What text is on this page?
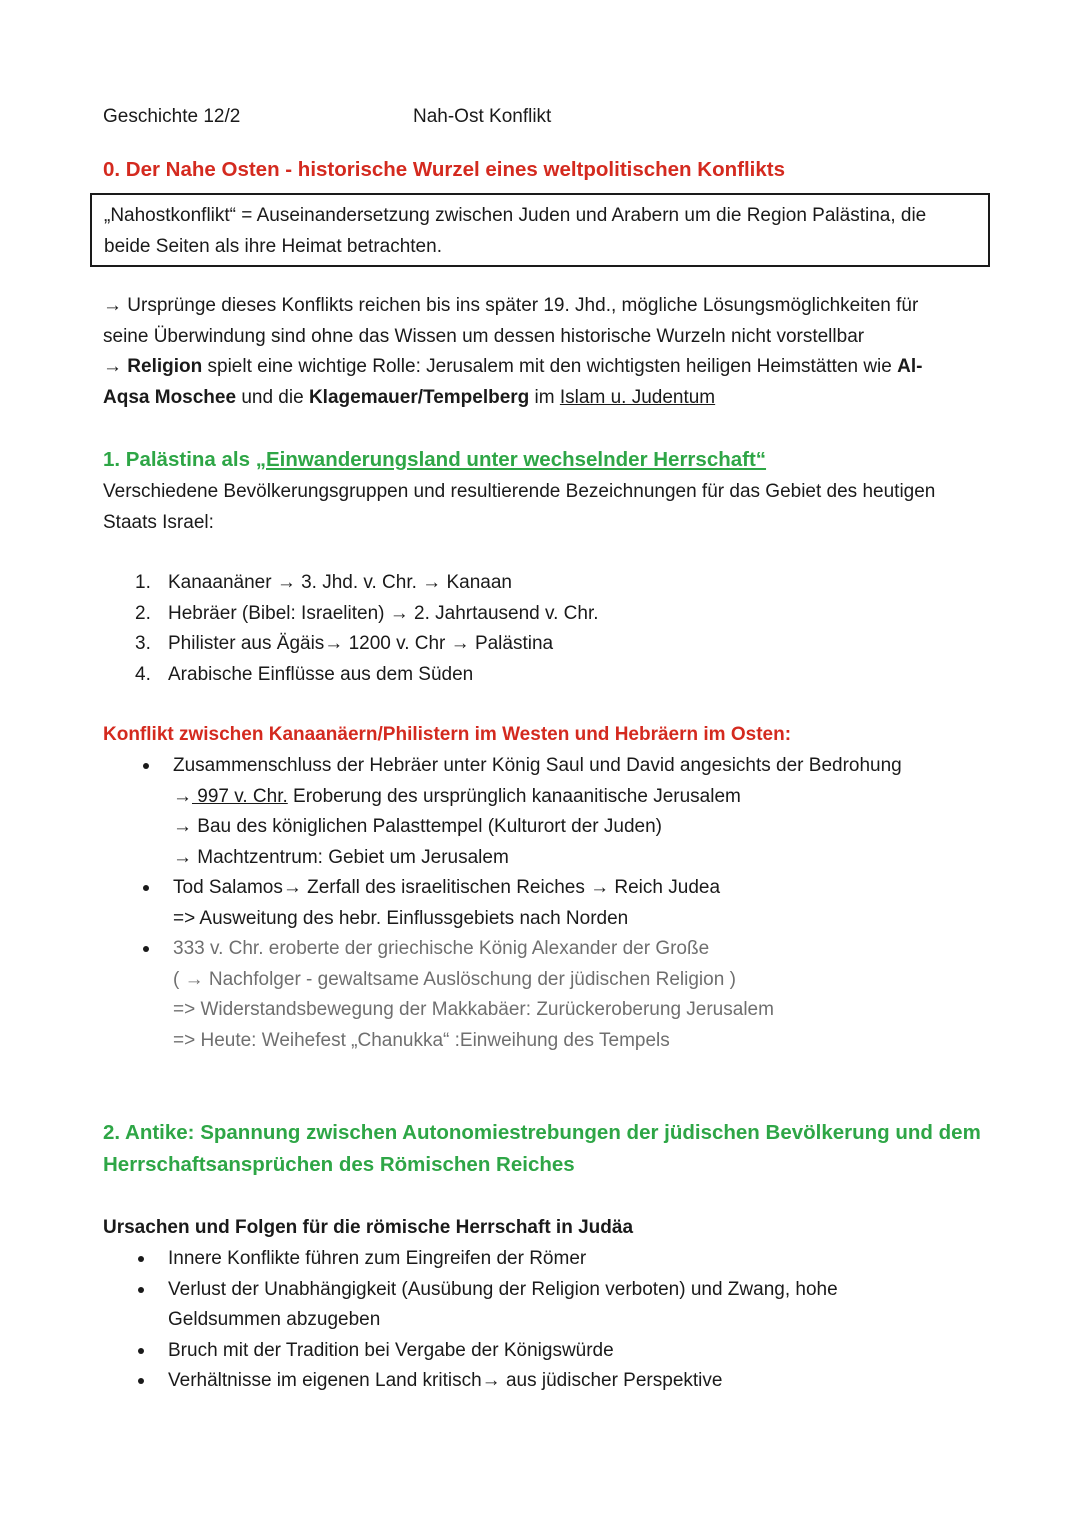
Geschichte 12/2	Nah-Ost Konflikt
0. Der Nahe Osten - historische Wurzel eines weltpolitischen Konflikts
„Nahostkonflikt“ = Auseinandersetzung zwischen Juden und Arabern um die Region Palästina, die
beide Seiten als ihre Heimat betrachten.
→ Ursprünge dieses Konflikts reichen bis ins später 19. Jhd., mögliche Lösungsmöglichkeiten für
seine Überwindung sind ohne das Wissen um dessen historische Wurzeln nicht vorstellbar
→ Religion spielt eine wichtige Rolle: Jerusalem mit den wichtigsten heiligen Heimstätten wie Al-
Aqsa Moschee und die Klagemauer/Tempelberg im Islam u. Judentum
1. Palästina als „Einwanderungsland unter wechselnder Herrschaft“
Verschiedene Bevölkerungsgruppen und resultierende Bezeichnungen für das Gebiet des heutigen
Staats Israel:
1. Kanaanäner → 3. Jhd. v. Chr. → Kanaan
2. Hebräer (Bibel: Israeliten) → 2. Jahrtausend v. Chr.
3. Philister aus Ägäis→ 1200 v. Chr → Palästina
4. Arabische Einflüsse aus dem Süden
Konflikt zwischen Kanaanäern/Philistern im Westen und Hebräern im Osten:
Zusammenschluss der Hebräer unter König Saul und David angesichts der Bedrohung
→ 997 v. Chr. Eroberung des ursprünglich kanaanitische Jerusalem
→ Bau des königlichen Palasttempel (Kulturort der Juden)
→ Machtzentrum: Gebiet um Jerusalem
Tod Salamos→ Zerfall des israelitischen Reiches → Reich Judea
=> Ausweitung des hebr. Einflussgebiets nach Norden
333 v. Chr. eroberte der griechische König Alexander der Große
( → Nachfolger - gewaltsame Auslöschung der jüdischen Religion )
=> Widerstandsbewegung der Makkabäer: Zurückeroberung Jerusalem
=> Heute: Weihefest „Chanukka“ :Einweihung des Tempels
2. Antike: Spannung zwischen Autonomiestrebungen der jüdischen Bevölkerung und dem
Herrschaftsansprüchen des Römischen Reiches
Ursachen und Folgen für die römische Herrschaft in Judäa
Innere Konflikte führen zum Eingreifen der Römer
Verlust der Unabhängigkeit (Ausübung der Religion verboten) und Zwang, hohe
Geldsummen abzugeben
Bruch mit der Tradition bei Vergabe der Königswürde
Verhältnisse im eigenen Land kritisch→ aus jüdischer Perspektive
